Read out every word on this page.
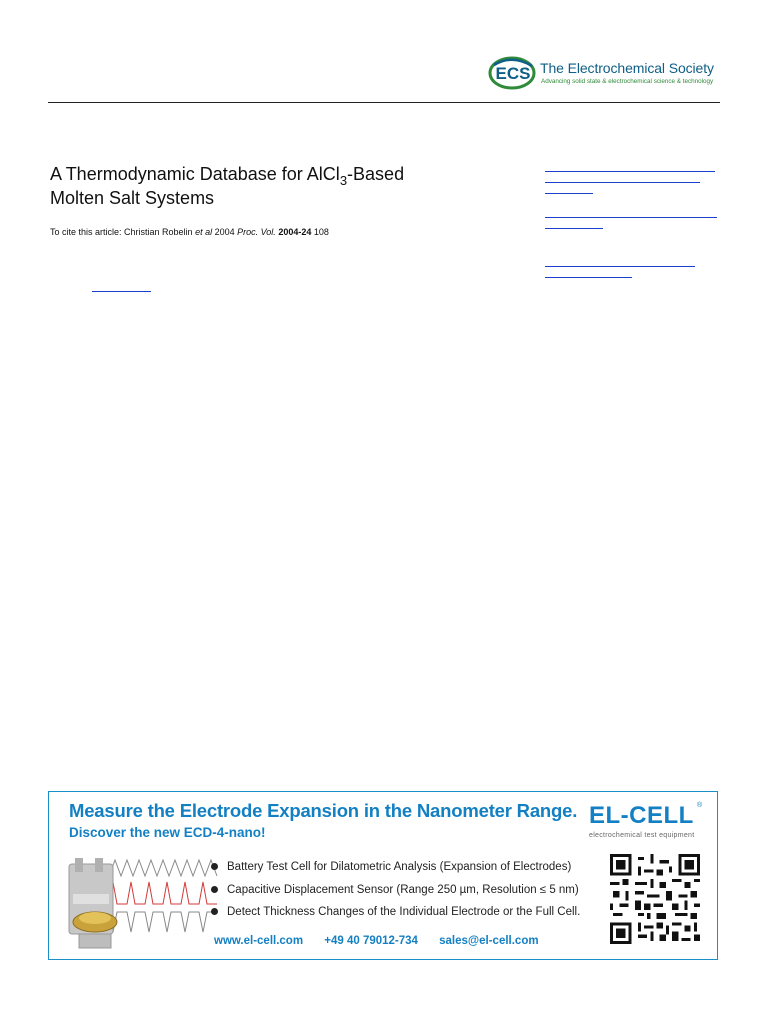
ECS The Electrochemical Society
Advancing solid state & electrochemical science & technology
A Thermodynamic Database for AlCl$_3$-Based
Molten Salt Systems
To cite this article: Christian Robelin et al 2004 Proc. Vol. 2004-24 108
Measure the Electrode Expansion in the Nanometer Range.
Discover the new ECD-4-nano!
EL-CELL ®
electrochemical test equipment
Battery Test Cell for Dilatometric Analysis (Expansion of Electrodes)
Capacitive Displacement Sensor (Range 250 µm, Resolution ≤ 5 nm)
Detect Thickness Changes of the Individual Electrode or the Full Cell.
www.el-cell.com +49 40 79012-734 sales@el-cell.com
